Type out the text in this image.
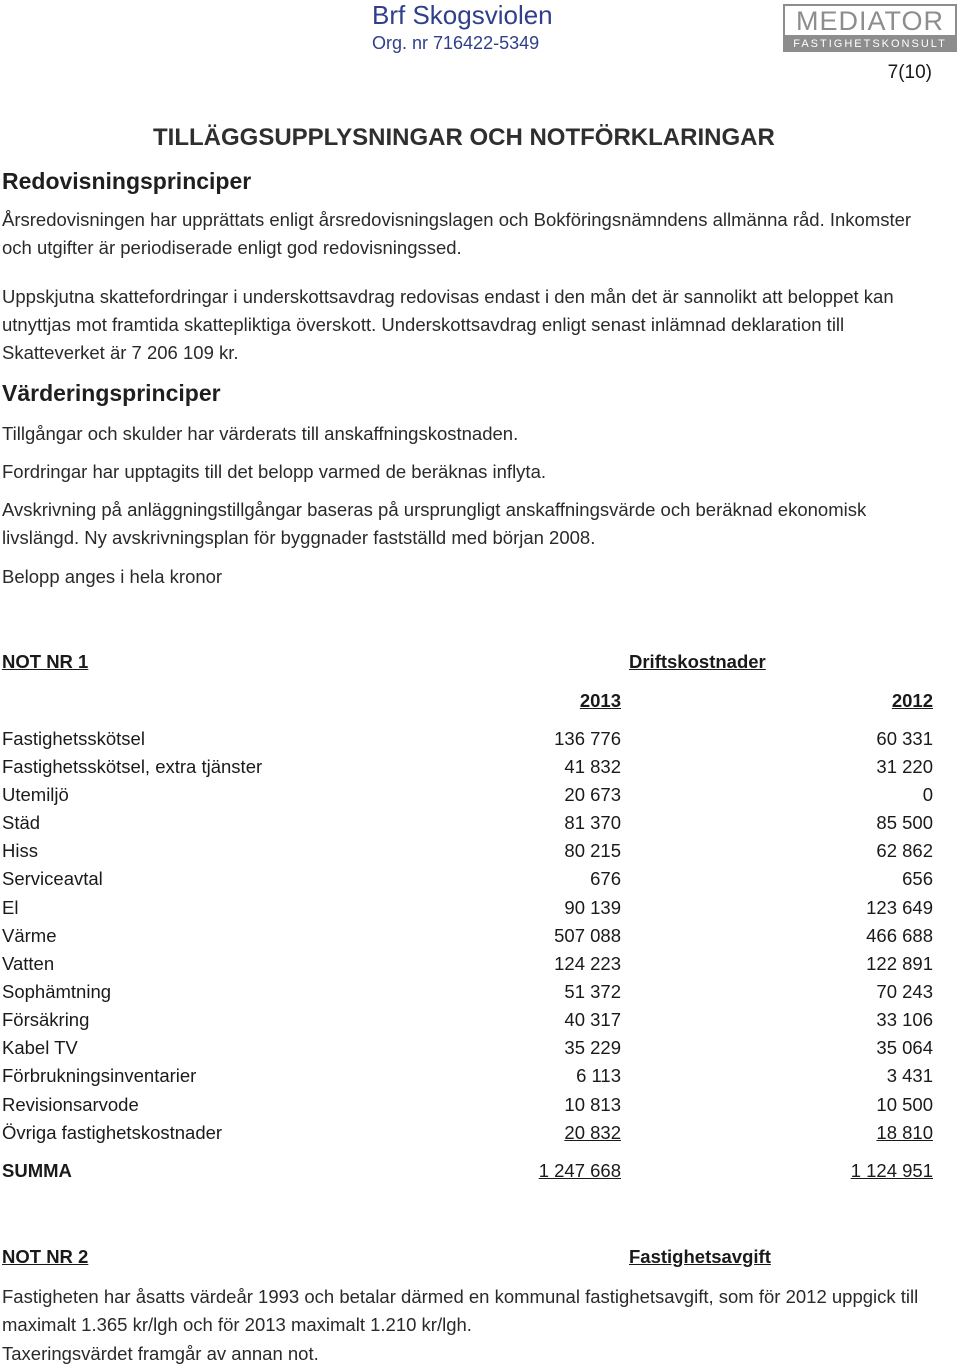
Brf Skogsviolen
Org. nr 716422-5349
MEDIATOR
FASTIGHETSKONSULT
7(10)
TILLÄGGSUPPLYSNINGAR OCH NOTFÖRKLARINGAR
Redovisningsprinciper

Årsredovisningen har upprättats enligt årsredovisningslagen och Bokföringsnämndens allmänna råd. Inkomster och utgifter är periodiserade enligt god redovisningssed.

Uppskjutna skattefordringar i underskottsavdrag redovisas endast i den mån det är sannolikt att beloppet kan utnyttjas mot framtida skattepliktiga överskott. Underskottsavdrag enligt senast inlämnad deklaration till Skatteverket är 7 206 109 kr.

Värderingsprinciper

Tillgångar och skulder har värderats till anskaffningskostnaden.

Fordringar har upptagits till det belopp varmed de beräknas inflyta.

Avskrivning på anläggningstillgångar baseras på ursprungligt anskaffningsvärde och beräknad ekonomisk livslängd. Ny avskrivningsplan för byggnader fastställd med början 2008.

Belopp anges i hela kronor

NOT NR 1	Driftskostnader
2013	2012
Fastighetsskötsel	136 776	60 331
Fastighetsskötsel, extra tjänster	41 832	31 220
Utemiljö	20 673	0
Städ	81 370	85 500
Hiss	80 215	62 862
Serviceavtal	676	656
El	90 139	123 649
Värme	507 088	466 688
Vatten	124 223	122 891
Sophämtning	51 372	70 243
Försäkring	40 317	33 106
Kabel TV	35 229	35 064
Förbrukningsinventarier	6 113	3 431
Revisionsarvode	10 813	10 500
Övriga fastighetskostnader	20 832	18 810
SUMMA	1 247 668	1 124 951
NOT NR 2	Fastighetsavgift

Fastigheten har åsatts värdeår 1993 och betalar därmed en kommunal fastighetsavgift, som för 2012 uppgick till maximalt 1.365 kr/lgh och för 2013 maximalt 1.210 kr/lgh.

Taxeringsvärdet framgår av annan not.
